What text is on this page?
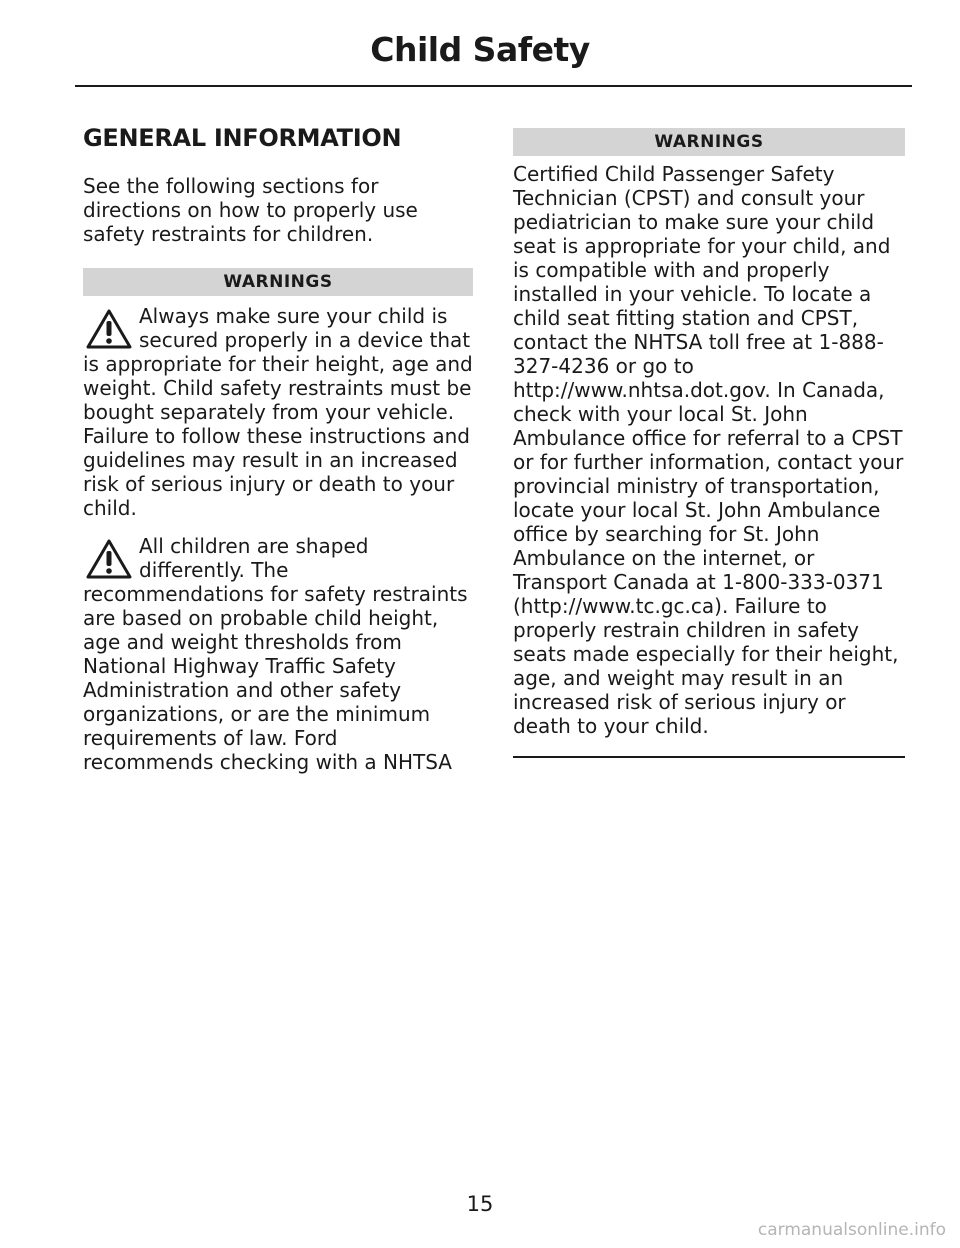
Child Safety
GENERAL INFORMATION

See the following sections for directions on how to properly use safety restraints for children.

WARNINGS

Always make sure your child is secured properly in a device that is appropriate for their height, age and weight. Child safety restraints must be bought separately from your vehicle. Failure to follow these instructions and guidelines may result in an increased risk of serious injury or death to your child.

All children are shaped differently. The recommendations for safety restraints are based on probable child height, age and weight thresholds from National Highway Traffic Safety Administration and other safety organizations, or are the minimum requirements of law. Ford recommends checking with a NHTSA

WARNINGS

Certified Child Passenger Safety Technician (CPST) and consult your pediatrician to make sure your child seat is appropriate for your child, and is compatible with and properly installed in your vehicle. To locate a child seat fitting station and CPST, contact the NHTSA toll free at 1-888-327-4236 or go to http://www.nhtsa.dot.gov. In Canada, check with your local St. John Ambulance office for referral to a CPST or for further information, contact your provincial ministry of transportation, locate your local St. John Ambulance office by searching for St. John Ambulance on the internet, or Transport Canada at 1-800-333-0371 (http://www.tc.gc.ca). Failure to properly restrain children in safety seats made especially for their height, age, and weight may result in an increased risk of serious injury or death to your child.

15
carmanualsonline.info
